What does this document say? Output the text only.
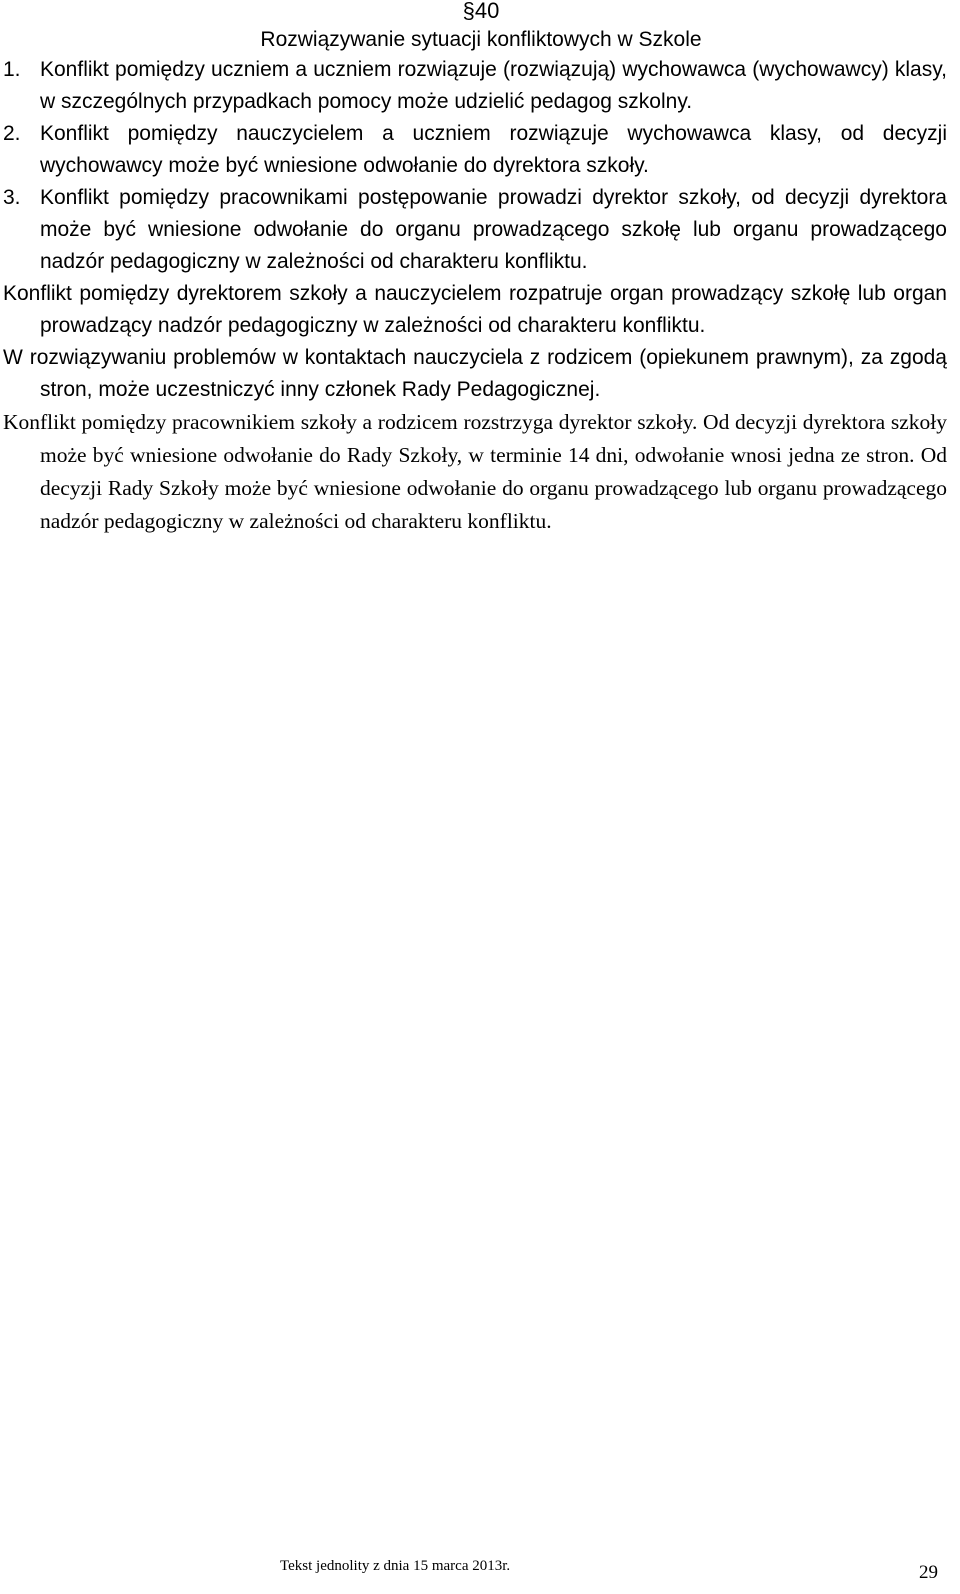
§40
Rozwiązywanie sytuacji konfliktowych w Szkole
1. Konflikt pomiędzy uczniem a uczniem rozwiązuje (rozwiązują) wychowawca (wychowawcy) klasy, w szczególnych przypadkach pomocy może udzielić pedagog szkolny.
2. Konflikt pomiędzy nauczycielem a uczniem rozwiązuje wychowawca klasy, od decyzji wychowawcy może być wniesione odwołanie do dyrektora szkoły.
3. Konflikt pomiędzy pracownikami postępowanie prowadzi dyrektor szkoły, od decyzji dyrektora może być wniesione odwołanie do organu prowadzącego szkołę lub organu prowadzącego nadzór pedagogiczny w zależności od charakteru konfliktu.

Konflikt pomiędzy dyrektorem szkoły a nauczycielem rozpatruje organ prowadzący szkołę lub organ prowadzący nadzór pedagogiczny w zależności od charakteru konfliktu.

W rozwiązywaniu problemów w kontaktach nauczyciela z rodzicem (opiekunem prawnym), za zgodą stron, może uczestniczyć inny członek Rady Pedagogicznej.

Konflikt pomiędzy pracownikiem szkoły a rodzicem rozstrzyga dyrektor szkoły. Od decyzji dyrektora szkoły może być wniesione odwołanie do Rady Szkoły, w terminie 14 dni, odwołanie wnosi jedna ze stron. Od decyzji Rady Szkoły może być wniesione odwołanie do organu prowadzącego lub organu prowadzącego nadzór pedagogiczny w zależności od charakteru konfliktu.

Tekst jednolity z dnia 15 marca 2013r.	29
